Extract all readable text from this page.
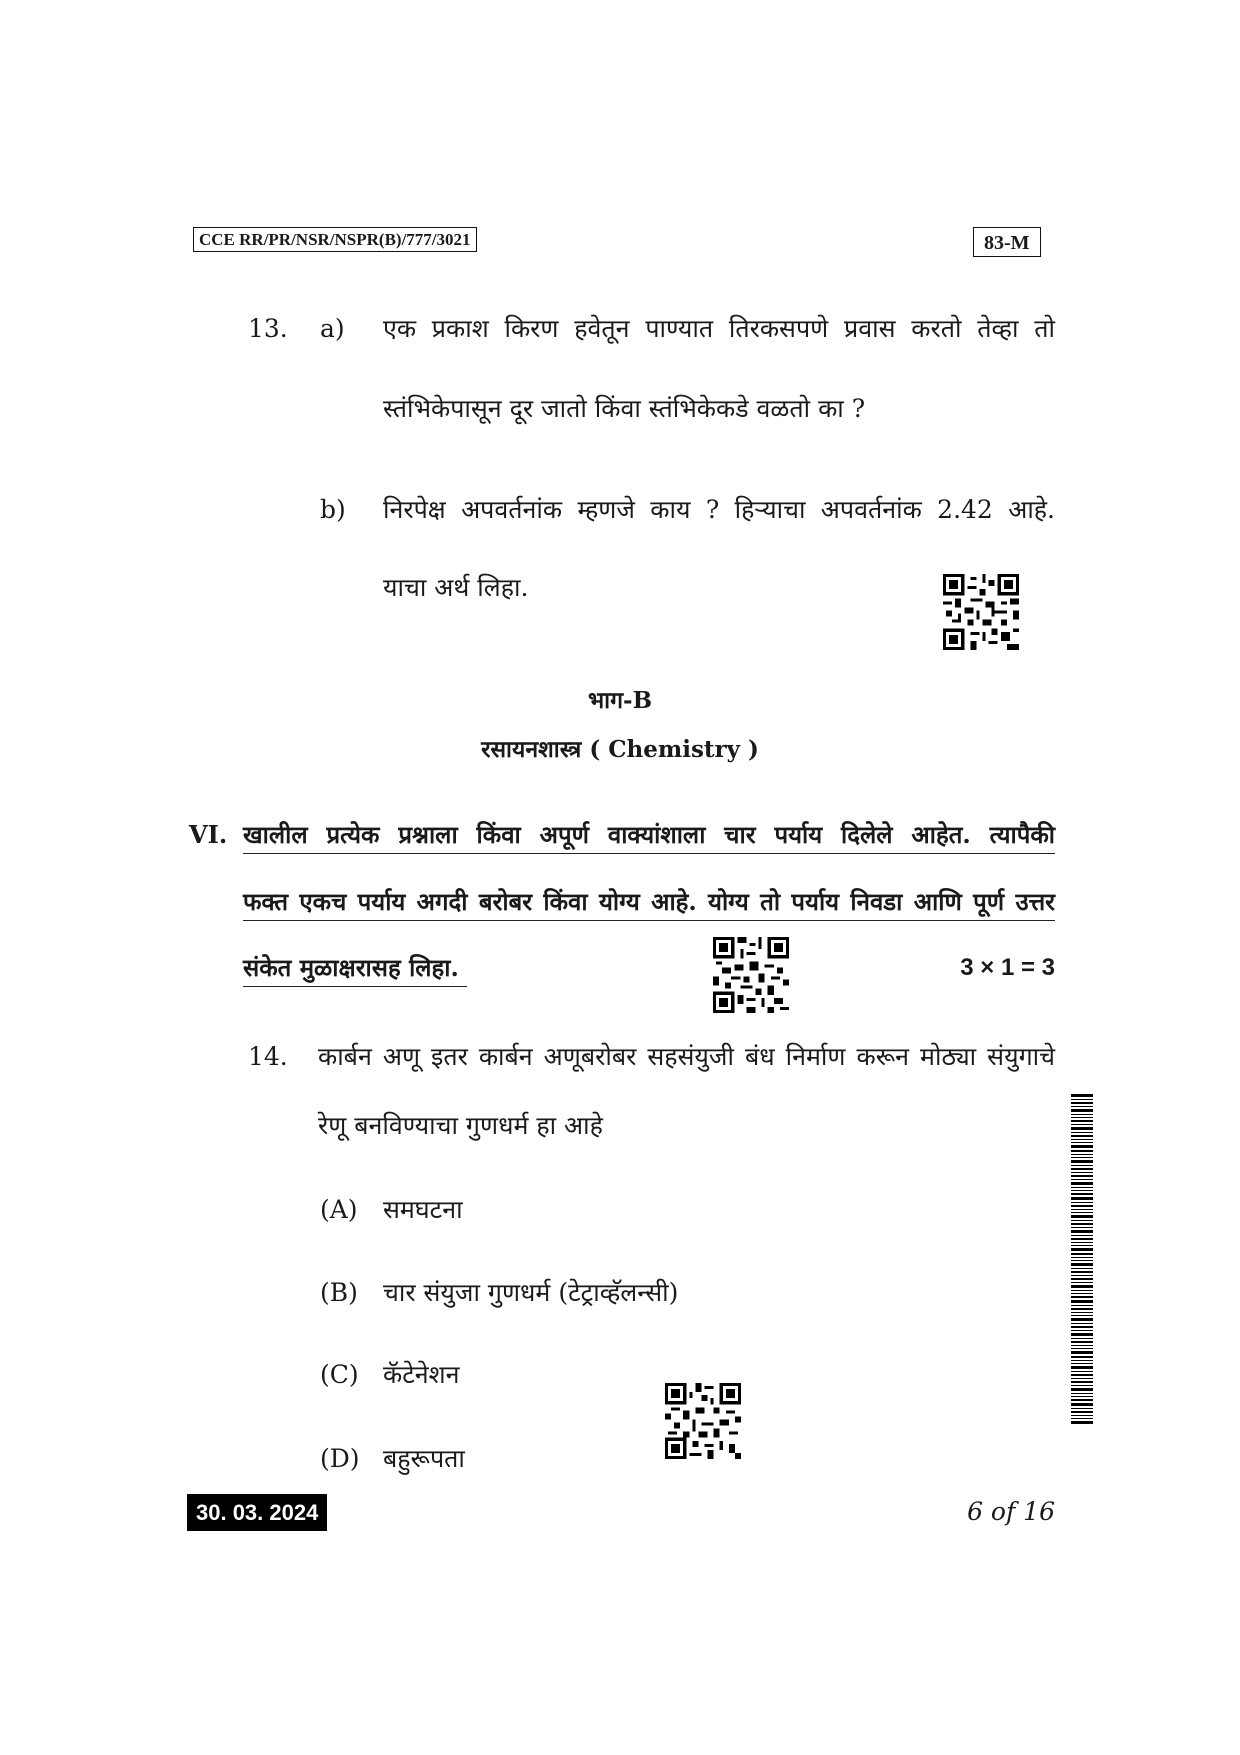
CCE RR/PR/NSR/NSPR(B)/777/3021	83-M
13. a) एक प्रकाश किरण हवेतून पाण्यात तिरकसपणे प्रवास करतो तेव्हा तो
स्तंभिकेपासून दूर जातो किंवा स्तंभिकेकडे वळतो का ?
b) निरपेक्ष अपवर्तनांक म्हणजे काय ? हिऱ्याचा अपवर्तनांक 2.42 आहे.
याचा अर्थ लिहा.
भाग-B
रसायनशास्त्र ( Chemistry )
VI. खालील प्रत्येक प्रश्नाला किंवा अपूर्ण वाक्यांशाला चार पर्याय दिलेले आहेत. त्यापैकी
फक्त एकच पर्याय अगदी बरोबर किंवा योग्य आहे. योग्य तो पर्याय निवडा आणि पूर्ण उत्तर
संकेत मुळाक्षरासह लिहा.	3 × 1 = 3
14. कार्बन अणू इतर कार्बन अणूबरोबर सहसंयुजी बंध निर्माण करून मोठ्या संयुगाचे
रेणू बनविण्याचा गुणधर्म हा आहे
(A) समघटना
(B) चार संयुजा गुणधर्म (टेट्राव्हॅलन्सी)
(C) कॅटेनेशन
(D) बहुरूपता
30. 03. 2024	6 of 16
